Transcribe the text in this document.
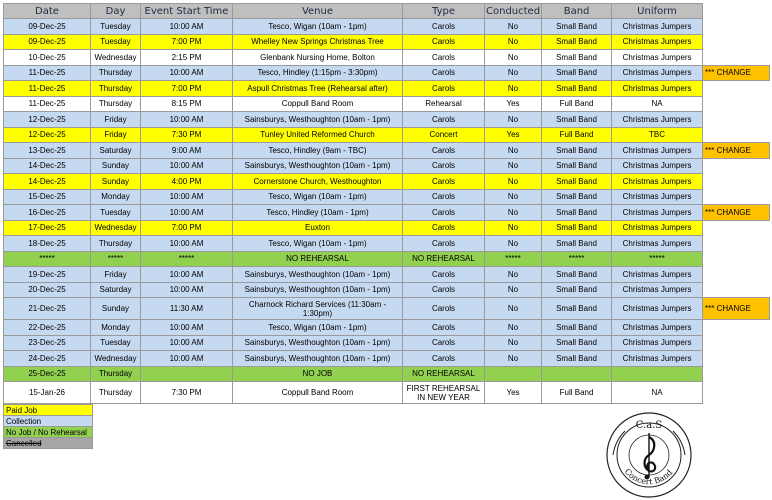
Date	Day	Event Start Time	Venue	Type	Conducted	Band	Uniform	
09-Dec-25	Tuesday	10:00 AM	Tesco, Wigan (10am - 1pm)	Carols	No	Small Band	Christmas Jumpers	
09-Dec-25	Tuesday	7:00 PM	Whelley New Springs Christmas Tree	Carols	No	Small Band	Christmas Jumpers	
10-Dec-25	Wednesday	2:15 PM	Glenbank Nursing Home, Bolton	Carols	No	Small Band	Christmas Jumpers	
11-Dec-25	Thursday	10:00 AM	Tesco, Hindley (1:15pm - 3:30pm)	Carols	No	Small Band	Christmas Jumpers	*** CHANGE
11-Dec-25	Thursday	7:00 PM	Aspull Christmas Tree (Rehearsal after)	Carols	No	Small Band	Christmas Jumpers	
11-Dec-25	Thursday	8:15 PM	Coppull Band Room	Rehearsal	Yes	Full Band	NA	
12-Dec-25	Friday	10:00 AM	Sainsburys, Westhoughton (10am - 1pm)	Carols	No	Small Band	Christmas Jumpers	
12-Dec-25	Friday	7:30 PM	Tunley United Reformed Church	Concert	Yes	Full Band	TBC	
13-Dec-25	Saturday	9:00 AM	Tesco, Hindley (9am - TBC)	Carols	No	Small Band	Christmas Jumpers	*** CHANGE
14-Dec-25	Sunday	10:00 AM	Sainsburys, Westhoughton (10am - 1pm)	Carols	No	Small Band	Christmas Jumpers	
14-Dec-25	Sunday	4:00 PM	Cornerstone Church, Westhoughton	Carols	No	Small Band	Christmas Jumpers	
15-Dec-25	Monday	10:00 AM	Tesco, Wigan (10am - 1pm)	Carols	No	Small Band	Christmas Jumpers	
16-Dec-25	Tuesday	10:00 AM	Tesco, Hindley (10am - 1pm)	Carols	No	Small Band	Christmas Jumpers	*** CHANGE
17-Dec-25	Wednesday	7:00 PM	Euxton	Carols	No	Small Band	Christmas Jumpers	
18-Dec-25	Thursday	10:00 AM	Tesco, Wigan (10am - 1pm)	Carols	No	Small Band	Christmas Jumpers	
*****	*****	*****	NO REHEARSAL	NO REHEARSAL	*****	*****	*****	
19-Dec-25	Friday	10:00 AM	Sainsburys, Westhoughton (10am - 1pm)	Carols	No	Small Band	Christmas Jumpers	
20-Dec-25	Saturday	10:00 AM	Sainsburys, Westhoughton (10am - 1pm)	Carols	No	Small Band	Christmas Jumpers	
21-Dec-25	Sunday	11:30 AM	Charnock Richard Services (11:30am - 1:30pm)	Carols	No	Small Band	Christmas Jumpers	*** CHANGE
22-Dec-25	Monday	10:00 AM	Tesco, Wigan (10am - 1pm)	Carols	No	Small Band	Christmas Jumpers	
23-Dec-25	Tuesday	10:00 AM	Sainsburys, Westhoughton (10am - 1pm)	Carols	No	Small Band	Christmas Jumpers	
24-Dec-25	Wednesday	10:00 AM	Sainsburys, Westhoughton (10am - 1pm)	Carols	No	Small Band	Christmas Jumpers	
25-Dec-25	Thursday		NO JOB	NO REHEARSAL				
15-Jan-26	Thursday	7:30 PM	Coppull Band Room	FIRST REHEARSAL IN NEW YEAR	Yes	Full Band	NA	
Paid Job
Collection
No Job / No Rehearsal
Cancelled
C.a.S
Concert Band
